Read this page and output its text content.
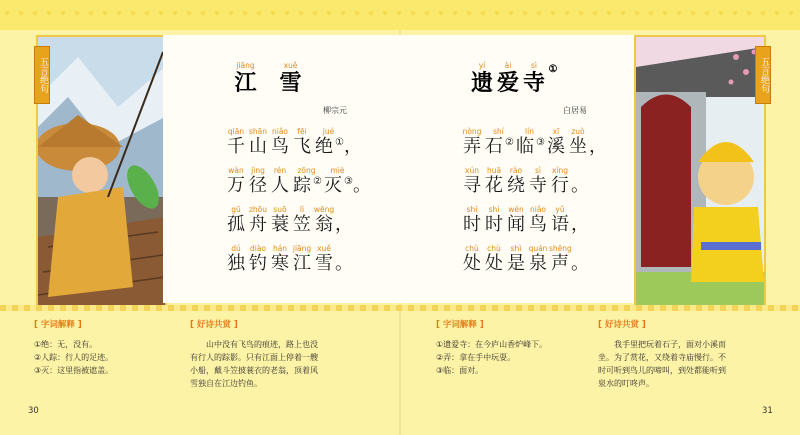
五言绝句	五言绝句
jiāng	xuě
江	雪
柳宗元
qiān shān niǎo	fēi	jué
千 山 鸟 飞 绝 ① ，
wàn jìng	rén	zōng	miè
万 径 人 踪 ② 灭 ③ 。
gū	zhōu suō	lì	wēng
孤 舟 蓑 笠 翁 ，
dú	diào hán jiāng xuě
独 钓 寒 江 雪 。
yí	ài	sì
遗 爱 寺
①
白居易
nòng	shí	lín	xī	zuò
弄 石 ② 临 ③ 溪 坐 ，
xún	huā	rào	sì	xíng
寻 花 绕 寺 行 。
shí	shí	wén niǎo	yǔ
时 时 闻 鸟 语 ，
chù	chù	shì quán shēng
处 处 是 泉 声 。
[ 字词解释 ]
①绝：无，没有。
②人踪：行人的足迹。
③灭：这里指被遮盖。
[ 好诗共赏 ]
山中没有飞鸟的痕迹，路上也没
有行人的踪影。只有江面上停着一艘
小船，戴斗笠披蓑衣的老翁，顶着风
雪独自在江边钓鱼。
[ 字词解释 ]
①遗爱寺：在今庐山香炉峰下。
②弄：拿在手中玩耍。
③临：面对。
[ 好诗共赏 ]
我手里把玩着石子，面对小溪而
坐。为了赏花，又绕着寺庙慢行。不
时可听到鸟儿的啼叫，到处都能听到
泉水的叮咚声。
30	31
